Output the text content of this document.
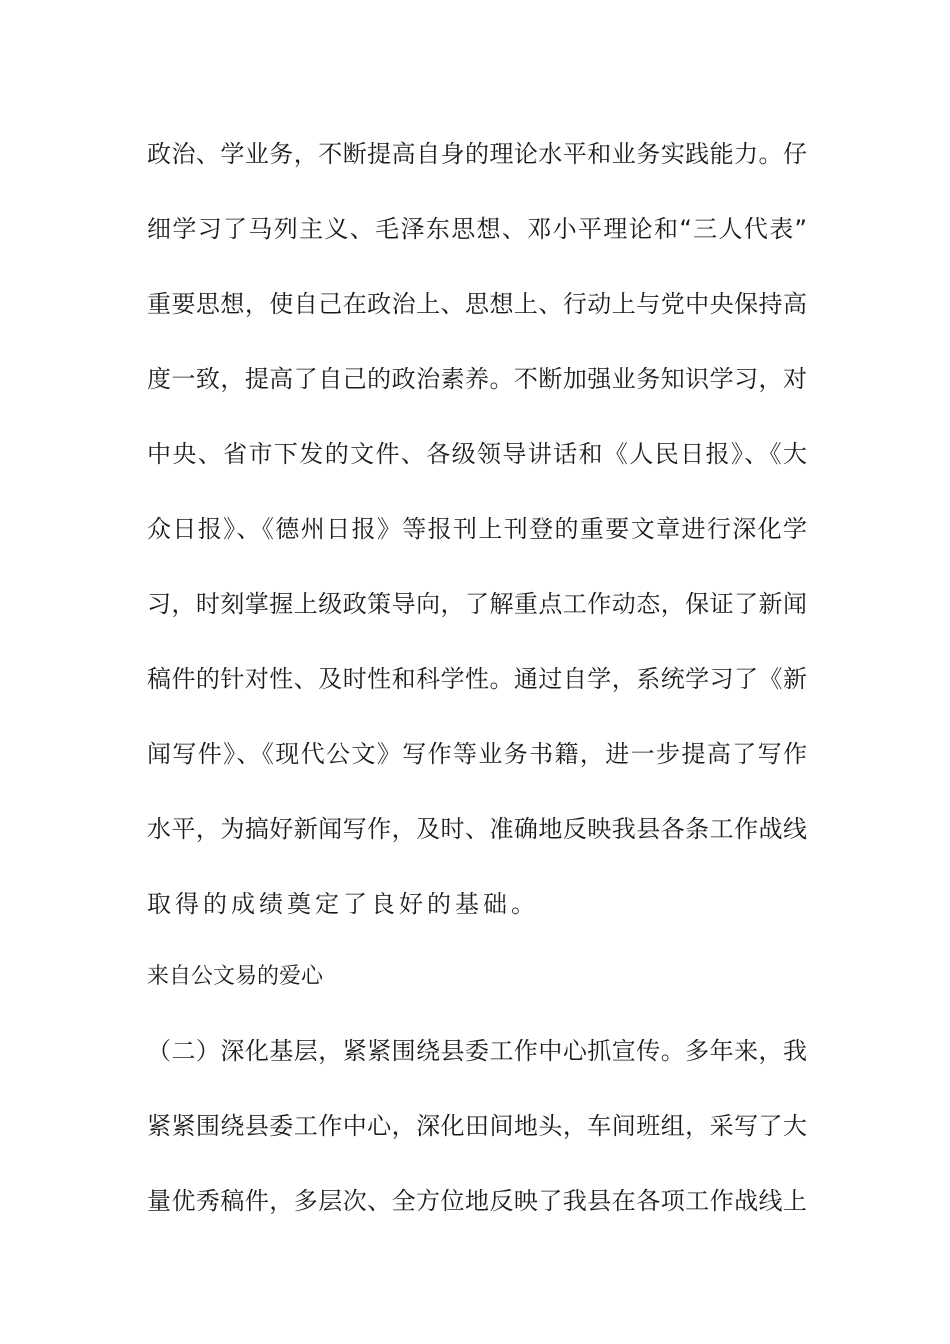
政治、学业务，不断提高自身的理论水平和业务实践能力。仔
细学习了马列主义、毛泽东思想、邓小平理论和“三人代表”
重要思想，使自己在政治上、思想上、行动上与党中央保持高
度一致，提高了自己的政治素养。不断加强业务知识学习，对
中央、省市下发的文件、各级领导讲话和《人民日报》、《大
众日报》、《德州日报》等报刊上刊登的重要文章进行深化学
习，时刻掌握上级政策导向，了解重点工作动态，保证了新闻
稿件的针对性、及时性和科学性。通过自学，系统学习了《新
闻写件》、《现代公文》写作等业务书籍，进一步提高了写作
水平，为搞好新闻写作，及时、准确地反映我县各条工作战线
取得的成绩奠定了良好的基础。
来自公文易的爱心
（二）深化基层，紧紧围绕县委工作中心抓宣传。多年来，我
紧紧围绕县委工作中心，深化田间地头，车间班组，采写了大
量优秀稿件，多层次、全方位地反映了我县在各项工作战线上
